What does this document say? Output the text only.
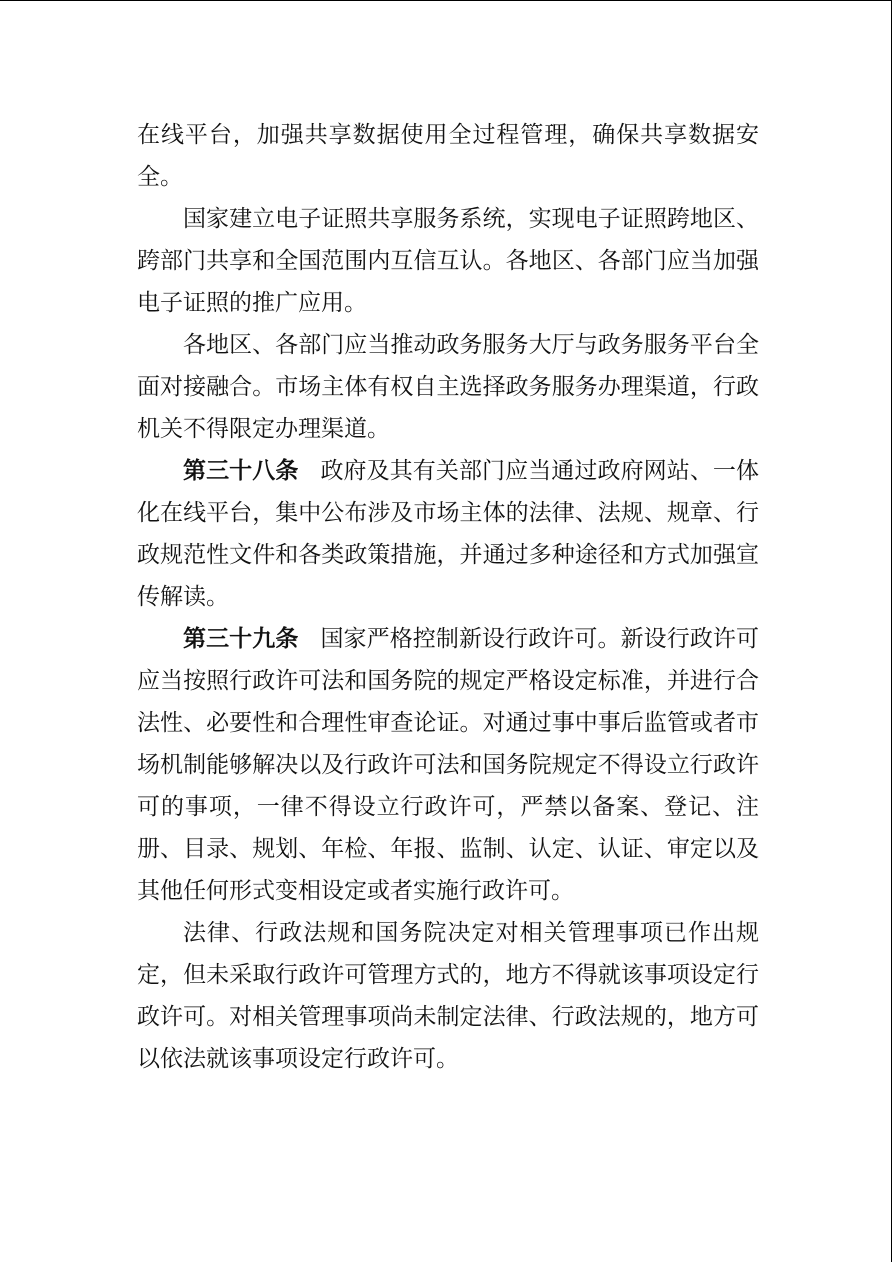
在线平台，加强共享数据使用全过程管理，确保共享数据安全。

国家建立电子证照共享服务系统，实现电子证照跨地区、跨部门共享和全国范围内互信互认。各地区、各部门应当加强电子证照的推广应用。

各地区、各部门应当推动政务服务大厅与政务服务平台全面对接融合。市场主体有权自主选择政务服务办理渠道，行政机关不得限定办理渠道。

第三十八条 政府及其有关部门应当通过政府网站、一体化在线平台，集中公布涉及市场主体的法律、法规、规章、行政规范性文件和各类政策措施，并通过多种途径和方式加强宣传解读。

第三十九条 国家严格控制新设行政许可。新设行政许可应当按照行政许可法和国务院的规定严格设定标准，并进行合法性、必要性和合理性审查论证。对通过事中事后监管或者市场机制能够解决以及行政许可法和国务院规定不得设立行政许可的事项，一律不得设立行政许可，严禁以备案、登记、注册、目录、规划、年检、年报、监制、认定、认证、审定以及其他任何形式变相设定或者实施行政许可。

法律、行政法规和国务院决定对相关管理事项已作出规定，但未采取行政许可管理方式的，地方不得就该事项设定行政许可。对相关管理事项尚未制定法律、行政法规的，地方可以依法就该事项设定行政许可。
